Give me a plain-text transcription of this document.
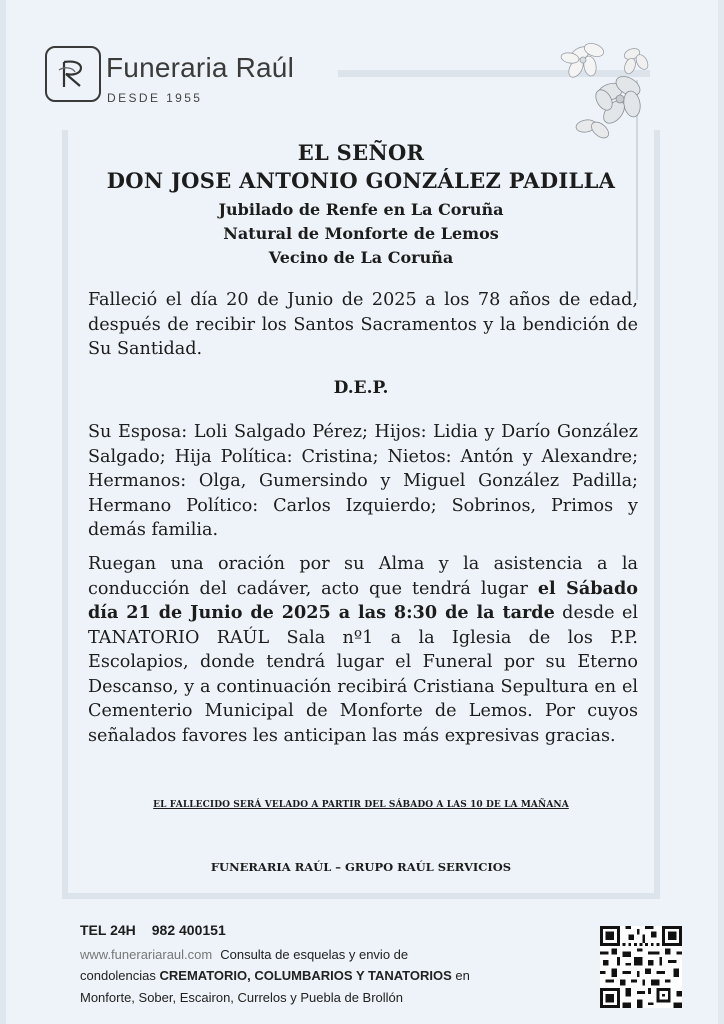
Funeraria Raúl
DESDE 1955
EL SEÑOR
DON JOSE ANTONIO GONZÁLEZ PADILLA
Jubilado de Renfe en La Coruña
Natural de Monforte de Lemos
Vecino de La Coruña
Falleció el día 20 de Junio de 2025 a los 78 años de edad, después de recibir los Santos Sacramentos y la bendición de Su Santidad.
D.E.P.
Su Esposa: Loli Salgado Pérez; Hijos: Lidia y Darío González Salgado; Hija Política: Cristina; Nietos: Antón y Alexandre; Hermanos: Olga, Gumersindo y Miguel González Padilla; Hermano Político: Carlos Izquierdo; Sobrinos, Primos y demás familia.
Ruegan una oración por su Alma y la asistencia a la conducción del cadáver, acto que tendrá lugar el Sábado día 21 de Junio de 2025 a las 8:30 de la tarde desde el TANATORIO RAÚL Sala nº1 a la Iglesia de los P.P. Escolapios, donde tendrá lugar el Funeral por su Eterno Descanso, y a continuación recibirá Cristiana Sepultura en el Cementerio Municipal de Monforte de Lemos. Por cuyos señalados favores les anticipan las más expresivas gracias.
EL FALLECIDO SERÁ VELADO A PARTIR DEL SÁBADO A LAS 10 DE LA MAÑANA
FUNERARIA RAÚL – GRUPO RAÚL SERVICIOS
TEL 24H 982 400151
www.funerariaraul.com Consulta de esquelas y envio de
condolencias CREMATORIO, COLUMBARIOS Y TANATORIOS en
Monforte, Sober, Escairon, Currelos y Puebla de Brollón
